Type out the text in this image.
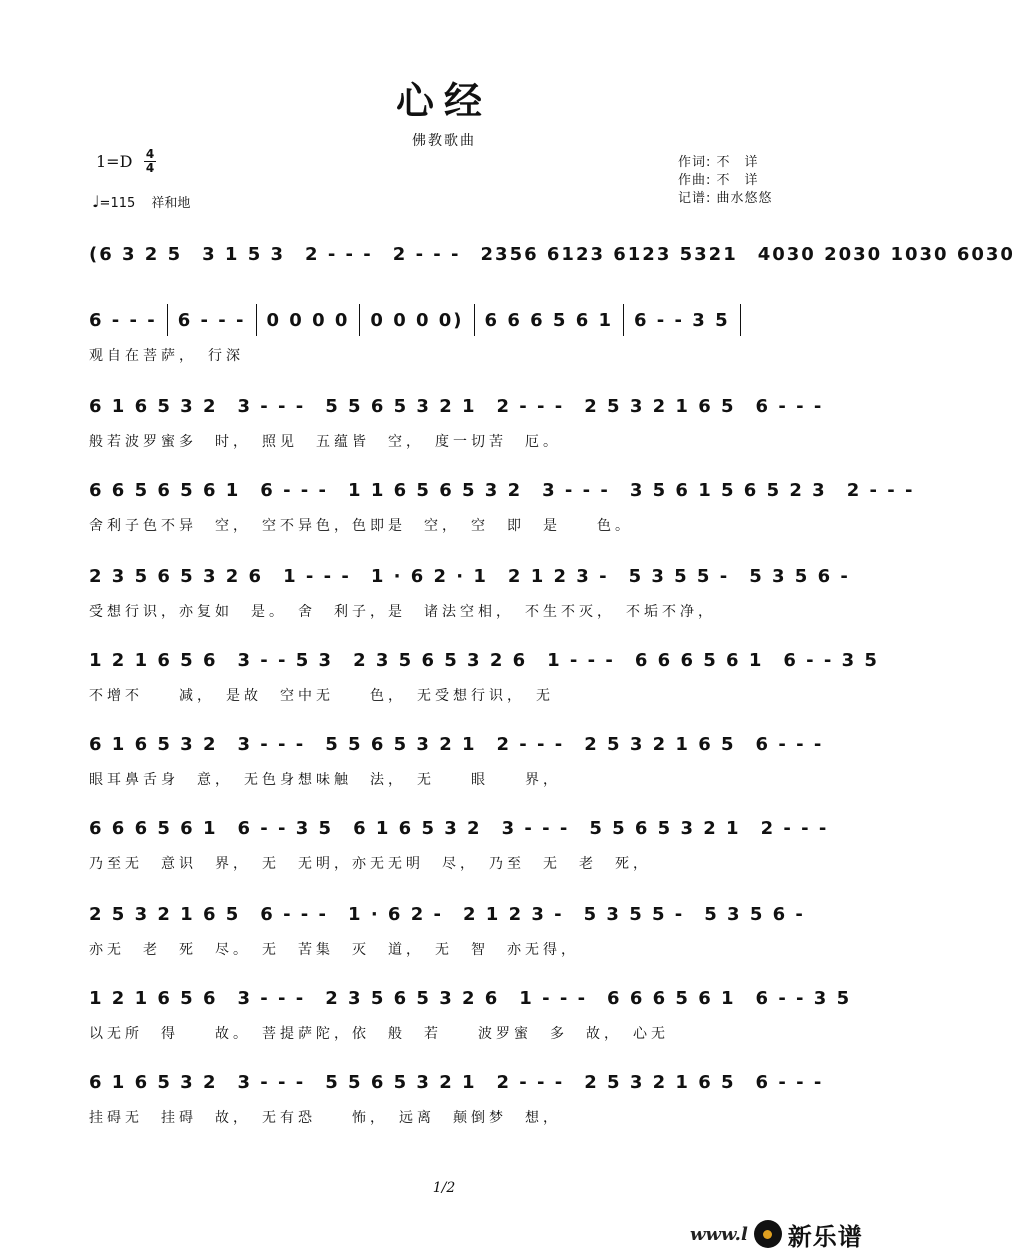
心经
佛教歌曲
1=D 4
4
♩=115 祥和地
作词: 不　详
作曲: 不　详
记谱: 曲水悠悠
(6 3 2 5 3 1 5 3 2 - - - 2 - - - 2356 6123 6123 5321 4030 2030 1030 6030
6 - - - 6 - - - 0 0 0 0 0 0 0 0) 6 6 6 5 6 1 6 - - 3 5
观自在菩萨，　行深
6 1 6 5 3 2 3 - - - 5 5 6 5 3 2 1 2 - - - 2 5 3 2 1 6 5 6 - - -
般若波罗蜜多　时，　照见　五蕴皆　空，　度一切苦　厄。
6 6 5 6 5 6 1 6 - - - 1 1 6 5 6 5 3 2 3 - - - 3 5 6 1 5 6 5 2 3 2 - - -
舍利子色不异　空，　空不异色，色即是　空，　空　即　是　　色。
2 3 5 6 5 3 2 6 1 - - - 1 · 6 2 · 1 2 1 2 3 - 5 3 5 5 - 5 3 5 6 -
受想行识，亦复如　是。　舍　利子，是　诸法空相，　不生不灭，　不垢不净，
1 2 1 6 5 6 3 - - 5 3 2 3 5 6 5 3 2 6 1 - - - 6 6 6 5 6 1 6 - - 3 5
不增不　　减，　是故　空中无　　色，　无受想行识，　无
6 1 6 5 3 2 3 - - - 5 5 6 5 3 2 1 2 - - - 2 5 3 2 1 6 5 6 - - -
眼耳鼻舌身　意，　无色身想味触　法，　无　　眼　　界，
6 6 6 5 6 1 6 - - 3 5 6 1 6 5 3 2 3 - - - 5 5 6 5 3 2 1 2 - - -
乃至无　意识　界，　无　无明，亦无无明　尽，　乃至　无　老　死，
2 5 3 2 1 6 5 6 - - - 1 · 6 2 - 2 1 2 3 - 5 3 5 5 - 5 3 5 6 -
亦无　老　死　尽。　无　苦集　灭　道，　无　智　亦无得，
1 2 1 6 5 6 3 - - - 2 3 5 6 5 3 2 6 1 - - - 6 6 6 5 6 1 6 - - 3 5
以无所　得　　故。　菩提萨陀，依　般　若　　波罗蜜　多　故，　心无
6 1 6 5 3 2 3 - - - 5 5 6 5 3 2 1 2 - - - 2 5 3 2 1 6 5 6 - - -
挂碍无　挂碍　故，　无有恐　　怖，　远离　颠倒梦　想，
1/2
www.l 新乐谱
